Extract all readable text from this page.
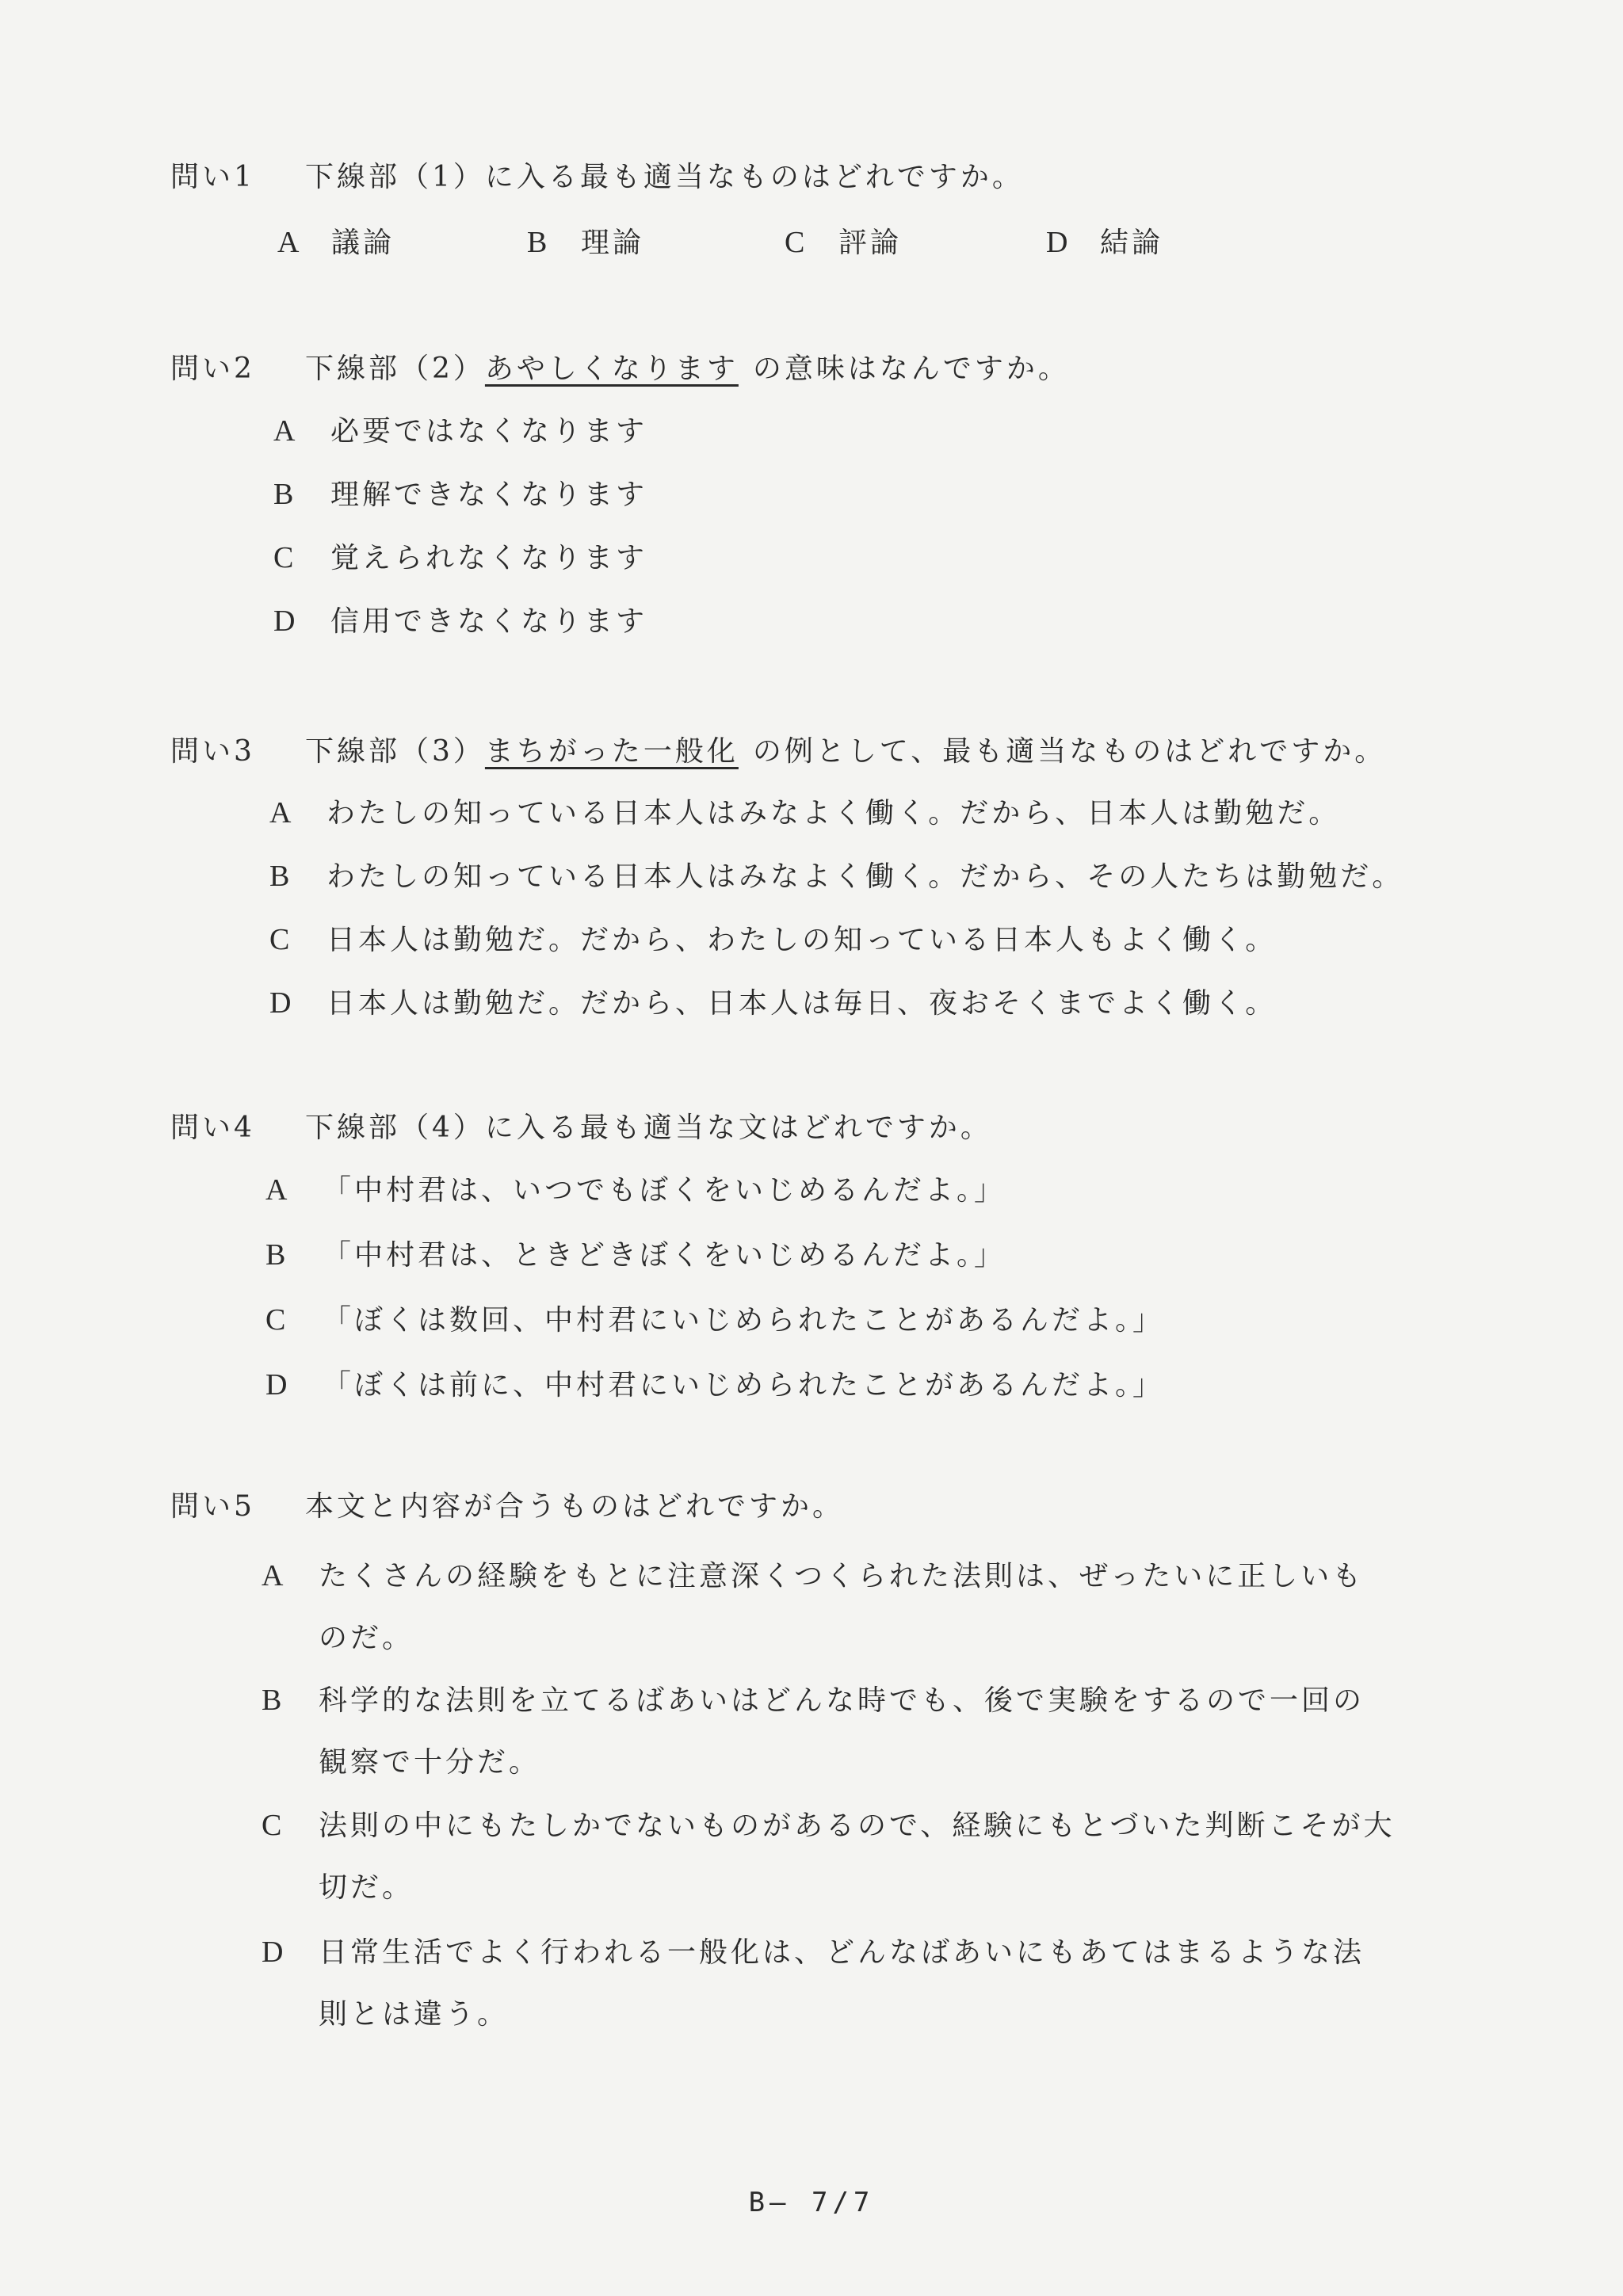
問い1 下線部（1）に入る最も適当なものはどれですか。
A 議論	B 理論	C 評論	D 結論
問い2 下線部（2）あやしくなります の意味はなんですか。
A 必要ではなくなります
B 理解できなくなります
C 覚えられなくなります
D 信用できなくなります
問い3 下線部（3）まちがった一般化 の例として、最も適当なものはどれですか。
A わたしの知っている日本人はみなよく働く。だから、日本人は勤勉だ。
B わたしの知っている日本人はみなよく働く。だから、その人たちは勤勉だ。
C 日本人は勤勉だ。だから、わたしの知っている日本人もよく働く。
D 日本人は勤勉だ。だから、日本人は毎日、夜おそくまでよく働く。
問い4 下線部（4）に入る最も適当な文はどれですか。
A 「中村君は、いつでもぼくをいじめるんだよ。」
B 「中村君は、ときどきぼくをいじめるんだよ。」
C 「ぼくは数回、中村君にいじめられたことがあるんだよ。」
D 「ぼくは前に、中村君にいじめられたことがあるんだよ。」
問い5 本文と内容が合うものはどれですか。
A たくさんの経験をもとに注意深くつくられた法則は、ぜったいに正しいも
のだ。
B 科学的な法則を立てるばあいはどんな時でも、後で実験をするので一回の
観察で十分だ。
C 法則の中にもたしかでないものがあるので、経験にもとづいた判断こそが大
切だ。
D 日常生活でよく行われる一般化は、どんなばあいにもあてはまるような法
則とは違う。
B— 7/7
